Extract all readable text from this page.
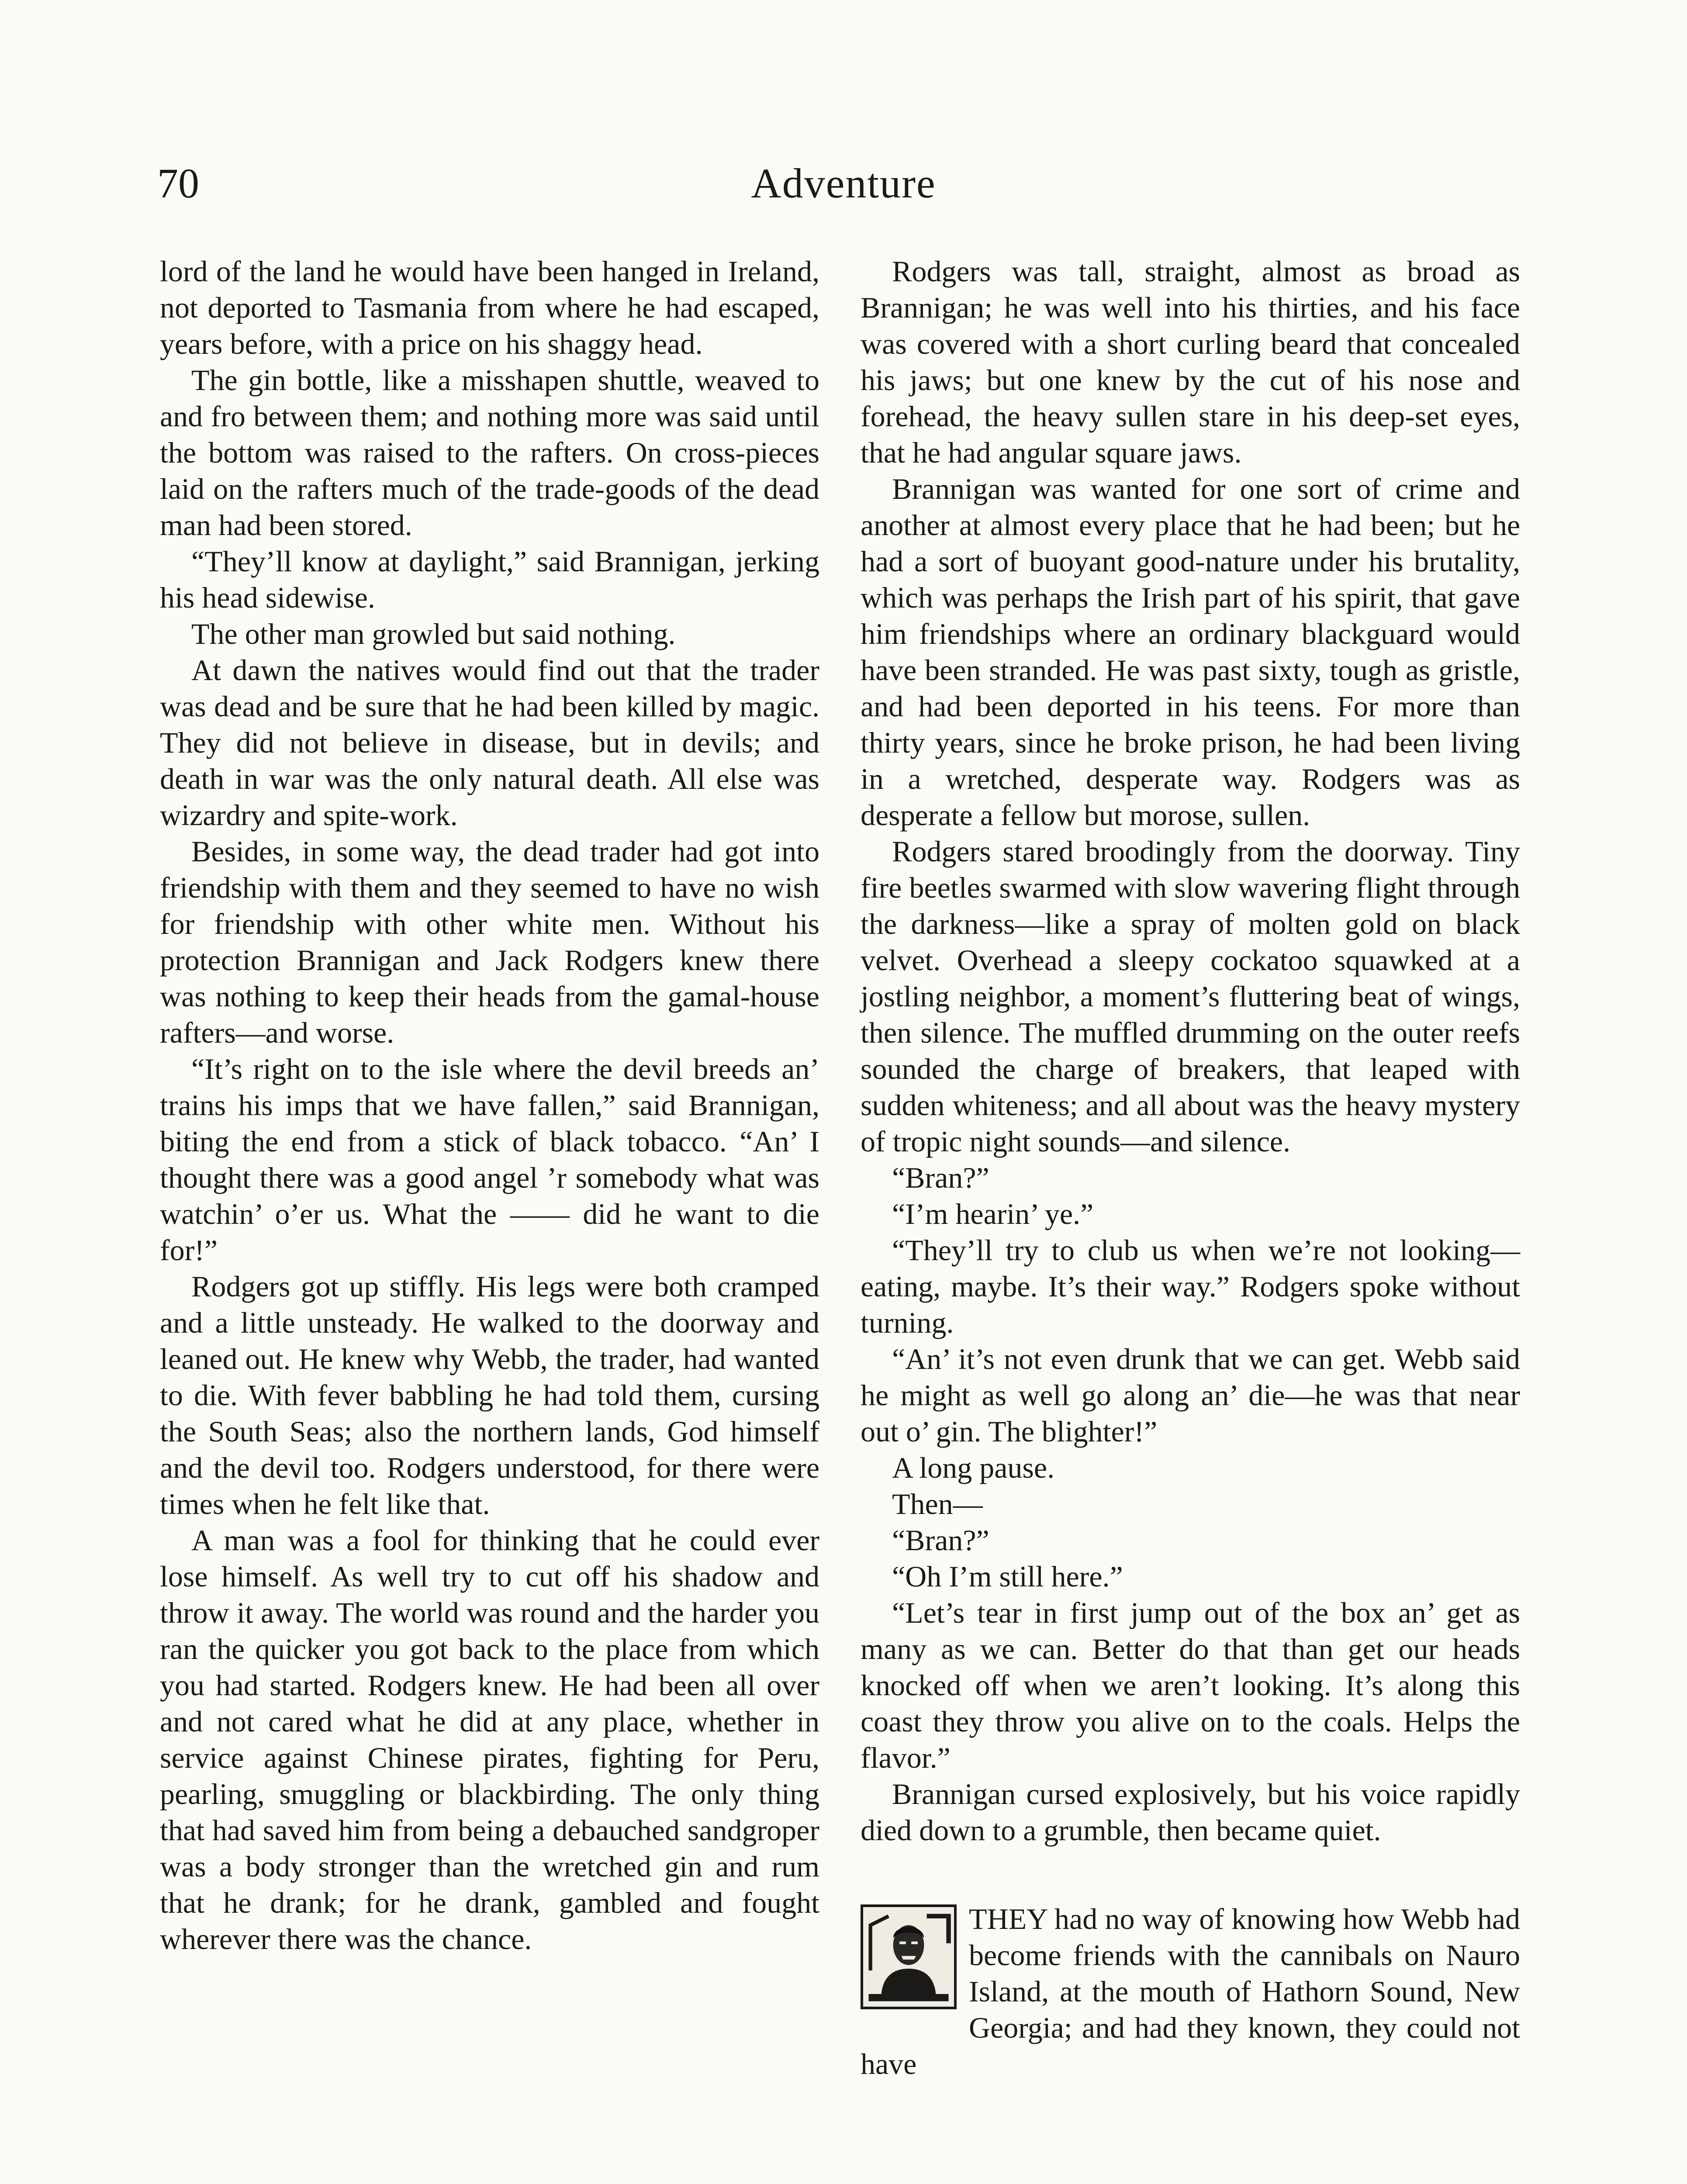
70	Adventure

lord of the land he would have been hanged in Ireland, not deported to Tasmania from where he had escaped, years before, with a price on his shaggy head.

The gin bottle, like a misshapen shuttle, weaved to and fro between them; and nothing more was said until the bottom was raised to the rafters. On cross-pieces laid on the rafters much of the trade-goods of the dead man had been stored.

“They’ll know at daylight,” said Brannigan, jerking his head sidewise.

The other man growled but said nothing.

At dawn the natives would find out that the trader was dead and be sure that he had been killed by magic. They did not believe in disease, but in devils; and death in war was the only natural death. All else was wizardry and spite-work.

Besides, in some way, the dead trader had got into friendship with them and they seemed to have no wish for friendship with other white men. Without his protection Brannigan and Jack Rodgers knew there was nothing to keep their heads from the gamal-house rafters—and worse.

“It’s right on to the isle where the devil breeds an’ trains his imps that we have fallen,” said Brannigan, biting the end from a stick of black tobacco. “An’ I thought there was a good angel ’r somebody what was watchin’ o’er us. What the —— did he want to die for!”

Rodgers got up stiffly. His legs were both cramped and a little unsteady. He walked to the doorway and leaned out. He knew why Webb, the trader, had wanted to die. With fever babbling he had told them, cursing the South Seas; also the northern lands, God himself and the devil too. Rodgers understood, for there were times when he felt like that.

A man was a fool for thinking that he could ever lose himself. As well try to cut off his shadow and throw it away. The world was round and the harder you ran the quicker you got back to the place from which you had started. Rodgers knew. He had been all over and not cared what he did at any place, whether in service against Chinese pirates, fighting for Peru, pearling, smuggling or blackbirding. The only thing that had saved him from being a debauched sandgroper was a body stronger than the wretched gin and rum that he drank; for he drank, gambled and fought wherever there was the chance.

Rodgers was tall, straight, almost as broad as Brannigan; he was well into his thirties, and his face was covered with a short curling beard that concealed his jaws; but one knew by the cut of his nose and forehead, the heavy sullen stare in his deep-set eyes, that he had angular square jaws.

Brannigan was wanted for one sort of crime and another at almost every place that he had been; but he had a sort of buoyant good-nature under his brutality, which was perhaps the Irish part of his spirit, that gave him friendships where an ordinary blackguard would have been stranded. He was past sixty, tough as gristle, and had been deported in his teens. For more than thirty years, since he broke prison, he had been living in a wretched, desperate way. Rodgers was as desperate a fellow but morose, sullen.

Rodgers stared broodingly from the doorway. Tiny fire beetles swarmed with slow wavering flight through the darkness—like a spray of molten gold on black velvet. Overhead a sleepy cockatoo squawked at a jostling neighbor, a moment’s fluttering beat of wings, then silence. The muffled drumming on the outer reefs sounded the charge of breakers, that leaped with sudden whiteness; and all about was the heavy mystery of tropic night sounds—and silence.

“Bran?”

“I’m hearin’ ye.”

“They’ll try to club us when we’re not looking—eating, maybe. It’s their way.” Rodgers spoke without turning.

“An’ it’s not even drunk that we can get. Webb said he might as well go along an’ die—he was that near out o’ gin. The blighter!”

A long pause.

Then—

“Bran?”

“Oh I’m still here.”

“Let’s tear in first jump out of the box an’ get as many as we can. Better do that than get our heads knocked off when we aren’t looking. It’s along this coast they throw you alive on to the coals. Helps the flavor.”

Brannigan cursed explosively, but his voice rapidly died down to a grumble, then became quiet.

THEY had no way of knowing how Webb had become friends with the cannibals on Nauro Island, at the mouth of Hathorn Sound, New Georgia; and had they known, they could not have
